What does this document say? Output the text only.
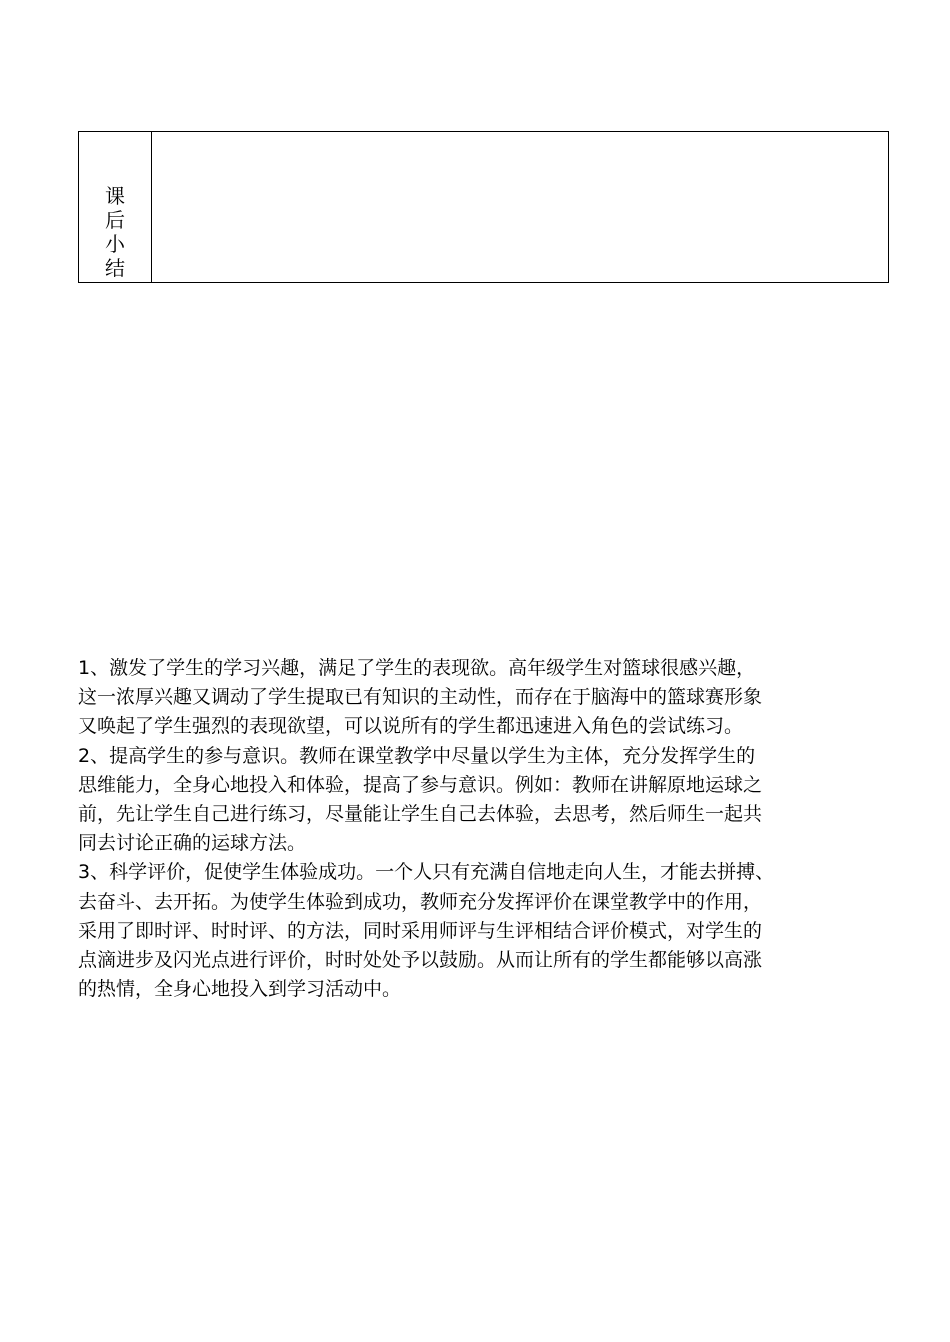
课
后
小
结

1、激发了学生的学习兴趣，满足了学生的表现欲。高年级学生对篮球很感兴趣，
这一浓厚兴趣又调动了学生提取已有知识的主动性，而存在于脑海中的篮球赛形象
又唤起了学生强烈的表现欲望，可以说所有的学生都迅速进入角色的尝试练习。

2、提高学生的参与意识。教师在课堂教学中尽量以学生为主体，充分发挥学生的
思维能力，全身心地投入和体验，提高了参与意识。例如：教师在讲解原地运球之
前，先让学生自己进行练习，尽量能让学生自己去体验，去思考，然后师生一起共
同去讨论正确的运球方法。

3、科学评价，促使学生体验成功。一个人只有充满自信地走向人生，才能去拼搏、
去奋斗、去开拓。为使学生体验到成功，教师充分发挥评价在课堂教学中的作用，
采用了即时评、时时评、的方法，同时采用师评与生评相结合评价模式，对学生的
点滴进步及闪光点进行评价，时时处处予以鼓励。从而让所有的学生都能够以高涨
的热情，全身心地投入到学习活动中。
